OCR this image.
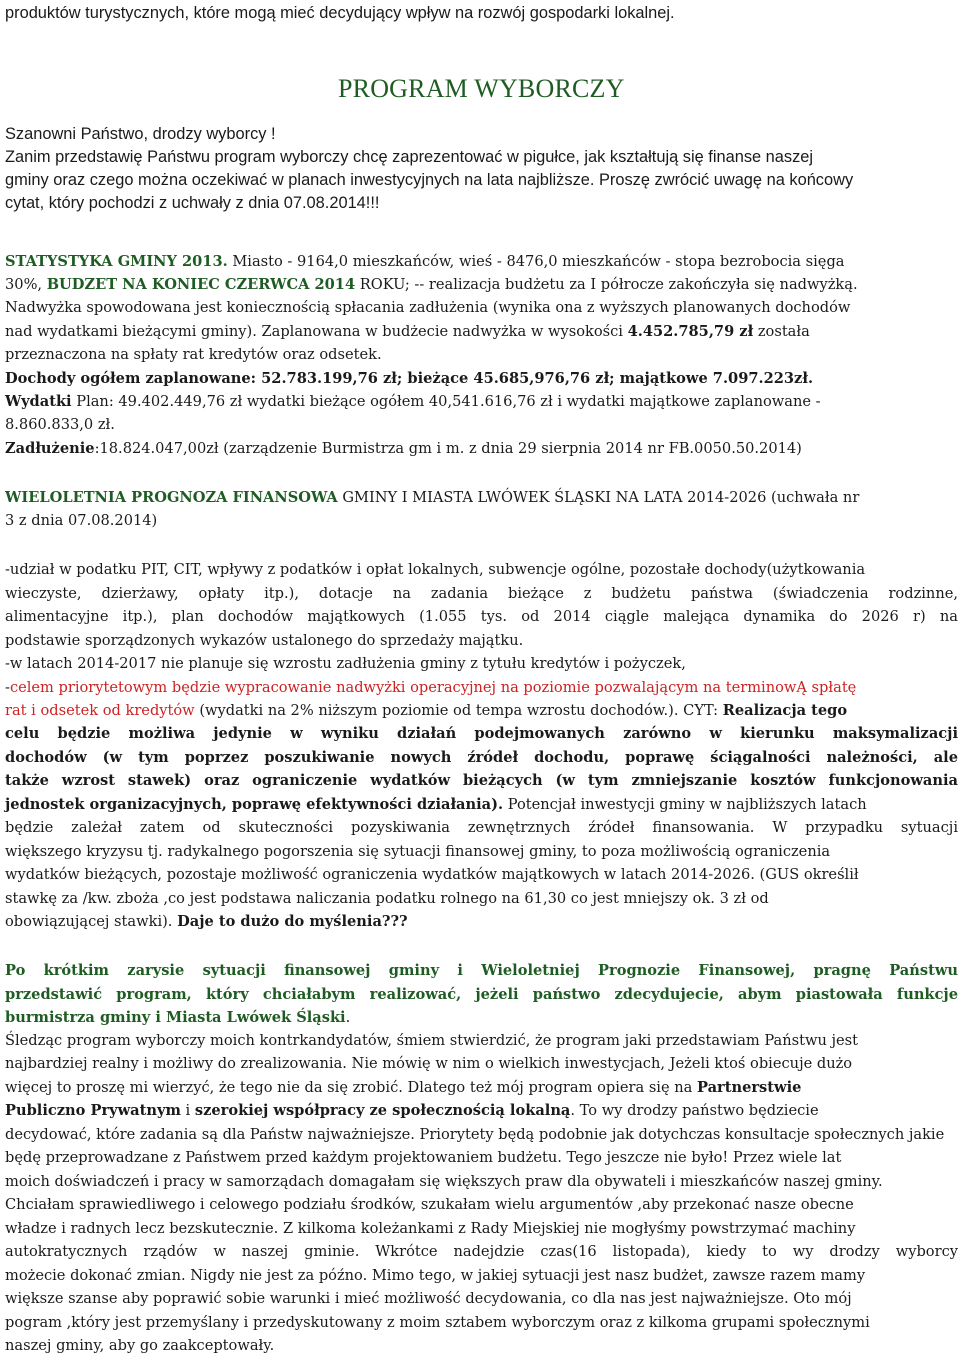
produktów turystycznych, które mogą mieć decydujący wpływ na rozwój gospodarki lokalnej.
PROGRAM WYBORCZY
Szanowni Państwo, drodzy wyborcy !
Zanim przedstawię Państwu program wyborczy chcę zaprezentować w pigułce, jak kształtują się finanse naszej
gminy oraz czego można oczekiwać w planach inwestycyjnych na lata najbliższe. Proszę zwrócić uwagę na końcowy
cytat, który pochodzi z uchwały z dnia 07.08.2014!!!
STATYSTYKA GMINY 2013. Miasto - 9164,0 mieszkańców, wieś - 8476,0 mieszkańców - stopa bezrobocia sięga
30%, BUDZET NA KONIEC CZERWCA 2014 ROKU; -- realizacja budżetu za I półrocze zakończyła się nadwyżką.
Nadwyżka spowodowana jest koniecznością spłacania zadłużenia (wynika ona z wyższych planowanych dochodów
nad wydatkami bieżącymi gminy). Zaplanowana w budżecie nadwyżka w wysokości 4.452.785,79 zł została
przeznaczona na spłaty rat kredytów oraz odsetek.
Dochody ogółem zaplanowane: 52.783.199,76 zł; bieżące 45.685,976,76 zł; majątkowe 7.097.223zł.
Wydatki Plan: 49.402.449,76 zł wydatki bieżące ogółem 40,541.616,76 zł i wydatki majątkowe zaplanowane -
8.860.833,0 zł.
Zadłużenie:18.824.047,00zł (zarządzenie Burmistrza gm i m. z dnia 29 sierpnia 2014 nr FB.0050.50.2014)
WIELOLETNIA PROGNOZA FINANSOWA GMINY I MIASTA LWÓWEK ŚLĄSKI NA LATA 2014-2026 (uchwała nr
3 z dnia 07.08.2014)
-udział w podatku PIT, CIT, wpływy z podatków i opłat lokalnych, subwencje ogólne, pozostałe dochody(użytkowania
wieczyste, dzierżawy, opłaty itp.), dotacje na zadania bieżące z budżetu państwa (świadczenia rodzinne,
alimentacyjne itp.), plan dochodów majątkowych (1.055 tys. od 2014 ciągle malejąca dynamika do 2026 r) na
podstawie sporządzonych wykazów ustalonego do sprzedaży majątku.
-w latach 2014-2017 nie planuje się wzrostu zadłużenia gminy z tytułu kredytów i pożyczek,
-celem priorytetowym będzie wypracowanie nadwyżki operacyjnej na poziomie pozwalającym na terminowĄ spłatę
rat i odsetek od kredytów (wydatki na 2% niższym poziomie od tempa wzrostu dochodów.). CYT: Realizacja tego
celu będzie możliwa jedynie w wyniku działań podejmowanych zarówno w kierunku maksymalizacji
dochodów (w tym poprzez poszukiwanie nowych źródeł dochodu, poprawę ściągalności należności, ale
także wzrost stawek) oraz ograniczenie wydatków bieżących (w tym zmniejszanie kosztów funkcjonowania
jednostek organizacyjnych, poprawę efektywności działania). Potencjał inwestycji gminy w najbliższych latach
będzie zależał zatem od skuteczności pozyskiwania zewnętrznych źródeł finansowania. W przypadku sytuacji
większego kryzysu tj. radykalnego pogorszenia się sytuacji finansowej gminy, to poza możliwością ograniczenia
wydatków bieżących, pozostaje możliwość ograniczenia wydatków majątkowych w latach 2014-2026. (GUS określił
stawkę za /kw. zboża ,co jest podstawa naliczania podatku rolnego na 61,30 co jest mniejszy ok. 3 zł od
obowiązującej stawki). Daje to dużo do myślenia???
Po krótkim zarysie sytuacji finansowej gminy i Wieloletniej Prognozie Finansowej, pragnę Państwu
przedstawić program, który chciałabym realizować, jeżeli państwo zdecydujecie, abym piastowała funkcje
burmistrza gminy i Miasta Lwówek Śląski.
Śledząc program wyborczy moich kontrkandydatów, śmiem stwierdzić, że program jaki przedstawiam Państwu jest
najbardziej realny i możliwy do zrealizowania. Nie mówię w nim o wielkich inwestycjach, Jeżeli ktoś obiecuje dużo
więcej to proszę mi wierzyć, że tego nie da się zrobić. Dlatego też mój program opiera się na Partnerstwie
Publiczno Prywatnym i szerokiej współpracy ze społecznością lokalną. To wy drodzy państwo będziecie
decydować, które zadania są dla Państw najważniejsze. Priorytety będą podobnie jak dotychczas konsultacje społecznych jakie
będę przeprowadzane z Państwem przed każdym projektowaniem budżetu. Tego jeszcze nie było! Przez wiele lat
moich doświadczeń i pracy w samorządach domagałam się większych praw dla obywateli i mieszkańców naszej gminy.
Chciałam sprawiedliwego i celowego podziału środków, szukałam wielu argumentów ,aby przekonać nasze obecne
władze i radnych lecz bezskutecznie. Z kilkoma koleżankami z Rady Miejskiej nie mogłyśmy powstrzymać machiny
autokratycznych rządów w naszej gminie. Wkrótce nadejdzie czas(16 listopada), kiedy to wy drodzy wyborcy
możecie dokonać zmian. Nigdy nie jest za późno. Mimo tego, w jakiej sytuacji jest nasz budżet, zawsze razem mamy
większe szanse aby poprawić sobie warunki i mieć możliwość decydowania, co dla nas jest najważniejsze. Oto mój
pogram ,który jest przemyślany i przedyskutowany z moim sztabem wyborczym oraz z kilkoma grupami społecznymi
naszej gminy, aby go zaakceptowały.
